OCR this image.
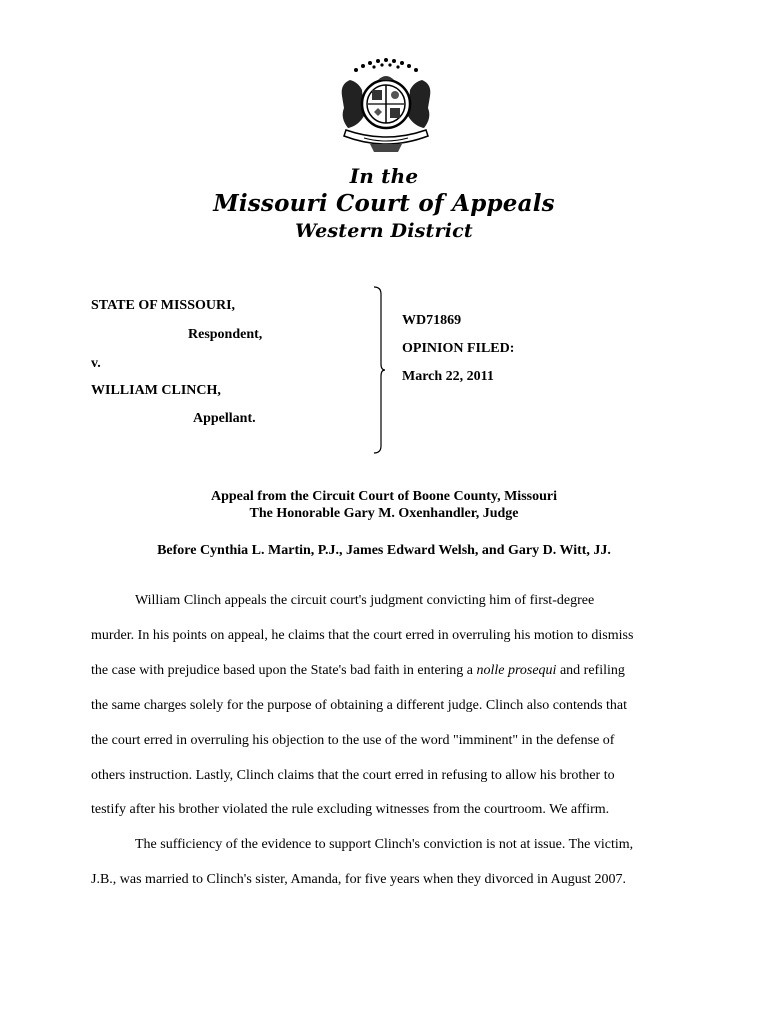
In the
Missouri Court of Appeals
Western District
STATE OF MISSOURI,
Respondent,
v.
WILLIAM CLINCH,
Appellant.
WD71869
OPINION FILED:
March 22, 2011
Appeal from the Circuit Court of Boone County, Missouri
The Honorable Gary M. Oxenhandler, Judge
Before Cynthia L. Martin, P.J., James Edward Welsh, and Gary D. Witt, JJ.
William Clinch appeals the circuit court's judgment convicting him of first-degree
murder. In his points on appeal, he claims that the court erred in overruling his motion to dismiss
the case with prejudice based upon the State's bad faith in entering a nolle prosequi and refiling
the same charges solely for the purpose of obtaining a different judge. Clinch also contends that
the court erred in overruling his objection to the use of the word "imminent" in the defense of
others instruction. Lastly, Clinch claims that the court erred in refusing to allow his brother to
testify after his brother violated the rule excluding witnesses from the courtroom. We affirm.
The sufficiency of the evidence to support Clinch's conviction is not at issue. The victim,
J.B., was married to Clinch's sister, Amanda, for five years when they divorced in August 2007.
